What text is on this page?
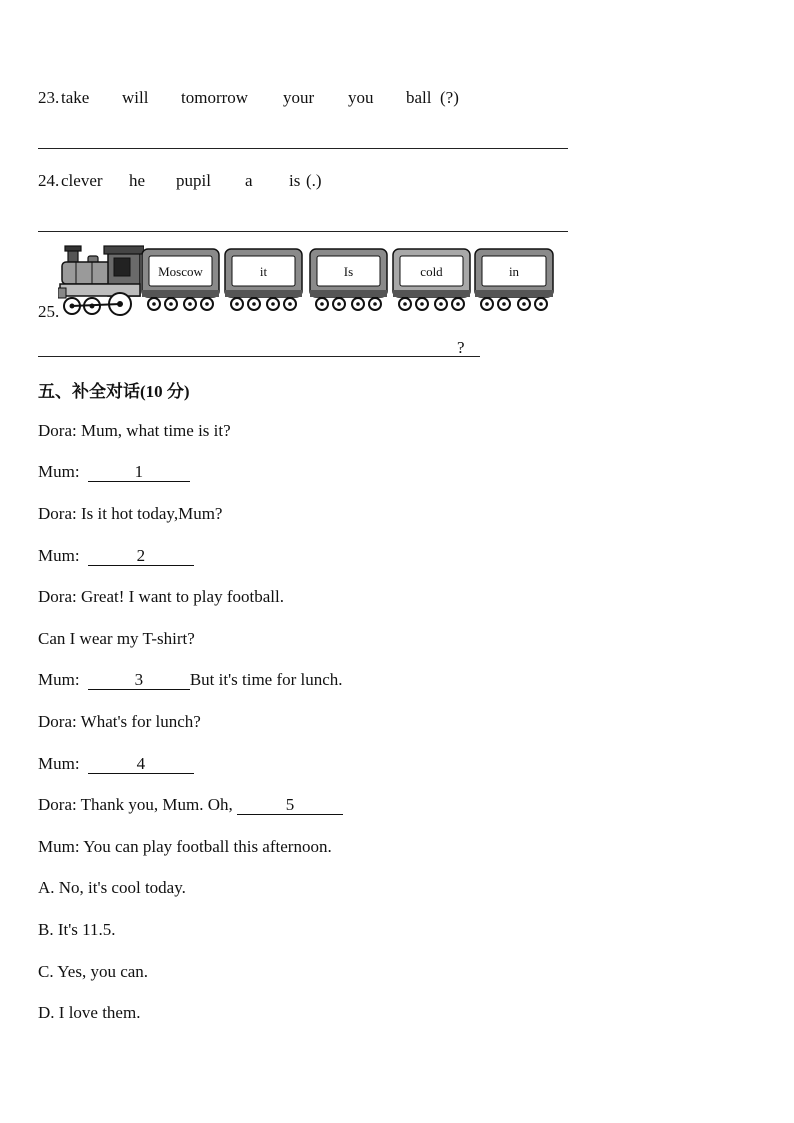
23. take will tomorrow your you ball (?)
24. clever he pupil a is (.)
25.
Moscow	it	Is	cold	in
?
五、补全对话(10 分)
Dora: Mum, what time is it?
Mum:	1
Dora: Is it hot today,Mum?
Mum:	2
Dora: Great! I want to play football.
Can I wear my T-shirt?
Mum:	3	But it's time for lunch.
Dora: What's for lunch?
Mum:	4
Dora: Thank you, Mum. Oh,	5
Mum: You can play football this afternoon.
A. No, it's cool today.
B. It's 11.5.
C. Yes, you can.
D. I love them.
